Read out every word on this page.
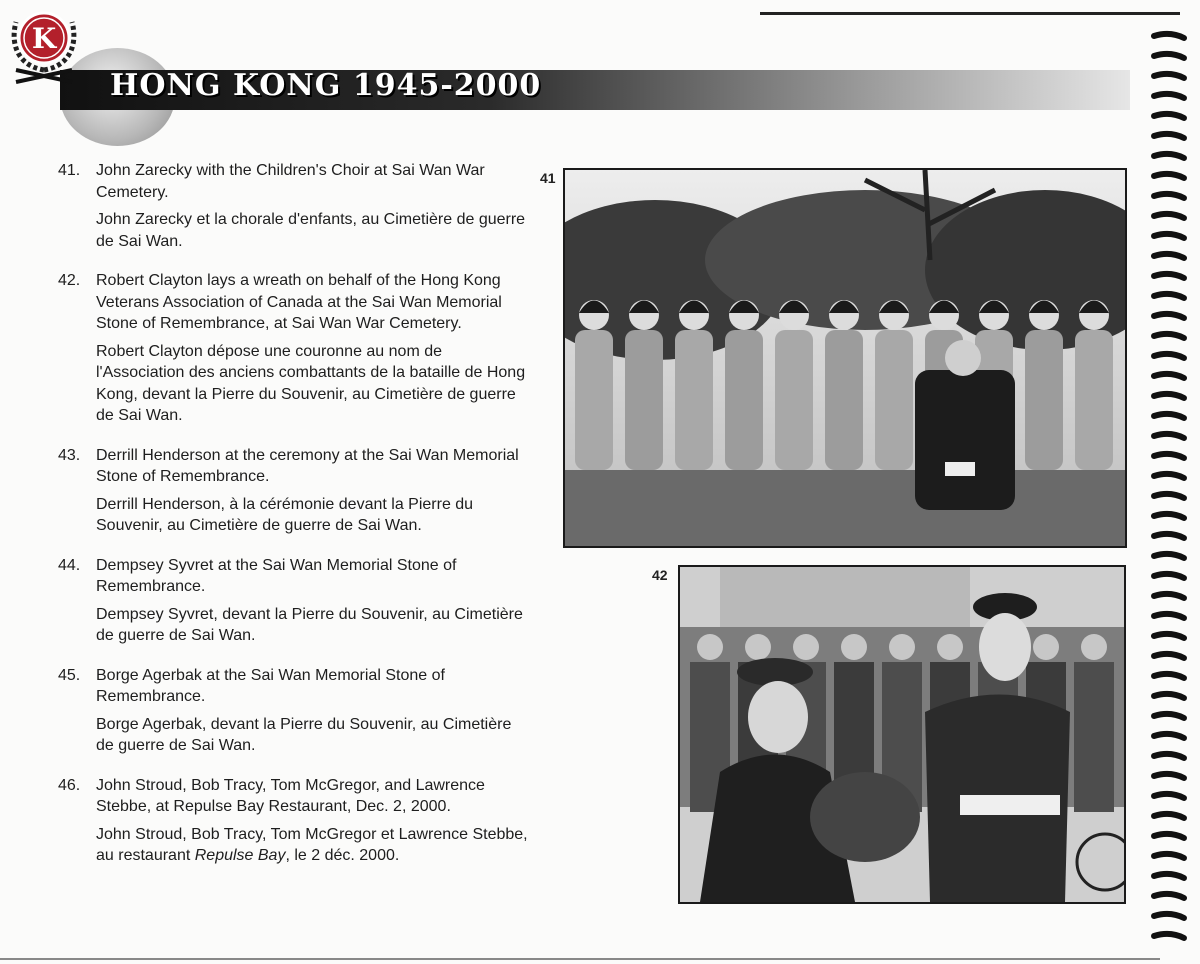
HONG KONG 1945-2000
K
41. John Zarecky with the Children's Choir at Sai Wan War Cemetery.

John Zarecky et la chorale d'enfants, au Cimetière de guerre de Sai Wan.

42. Robert Clayton lays a wreath on behalf of the Hong Kong Veterans Association of Canada at the Sai Wan Memorial Stone of Remembrance, at Sai Wan War Cemetery.

Robert Clayton dépose une couronne au nom de l'Association des anciens combattants de la bataille de Hong Kong, devant la Pierre du Souvenir, au Cimetière de guerre de Sai Wan.

43. Derrill Henderson at the ceremony at the Sai Wan Memorial Stone of Remembrance.

Derrill Henderson, à la cérémonie devant la Pierre du Souvenir, au Cimetière de guerre de Sai Wan.

44. Dempsey Syvret at the Sai Wan Memorial Stone of Remembrance.

Dempsey Syvret, devant la Pierre du Souvenir, au Cimetière de guerre de Sai Wan.

45. Borge Agerbak at the Sai Wan Memorial Stone of Remembrance.

Borge Agerbak, devant la Pierre du Souvenir, au Cimetière de guerre de Sai Wan.

46. John Stroud, Bob Tracy, Tom McGregor, and Lawrence Stebbe, at Repulse Bay Restaurant, Dec. 2, 2000.

John Stroud, Bob Tracy, Tom McGregor et Lawrence Stebbe, au restaurant Repulse Bay, le 2 déc. 2000.

41
42
